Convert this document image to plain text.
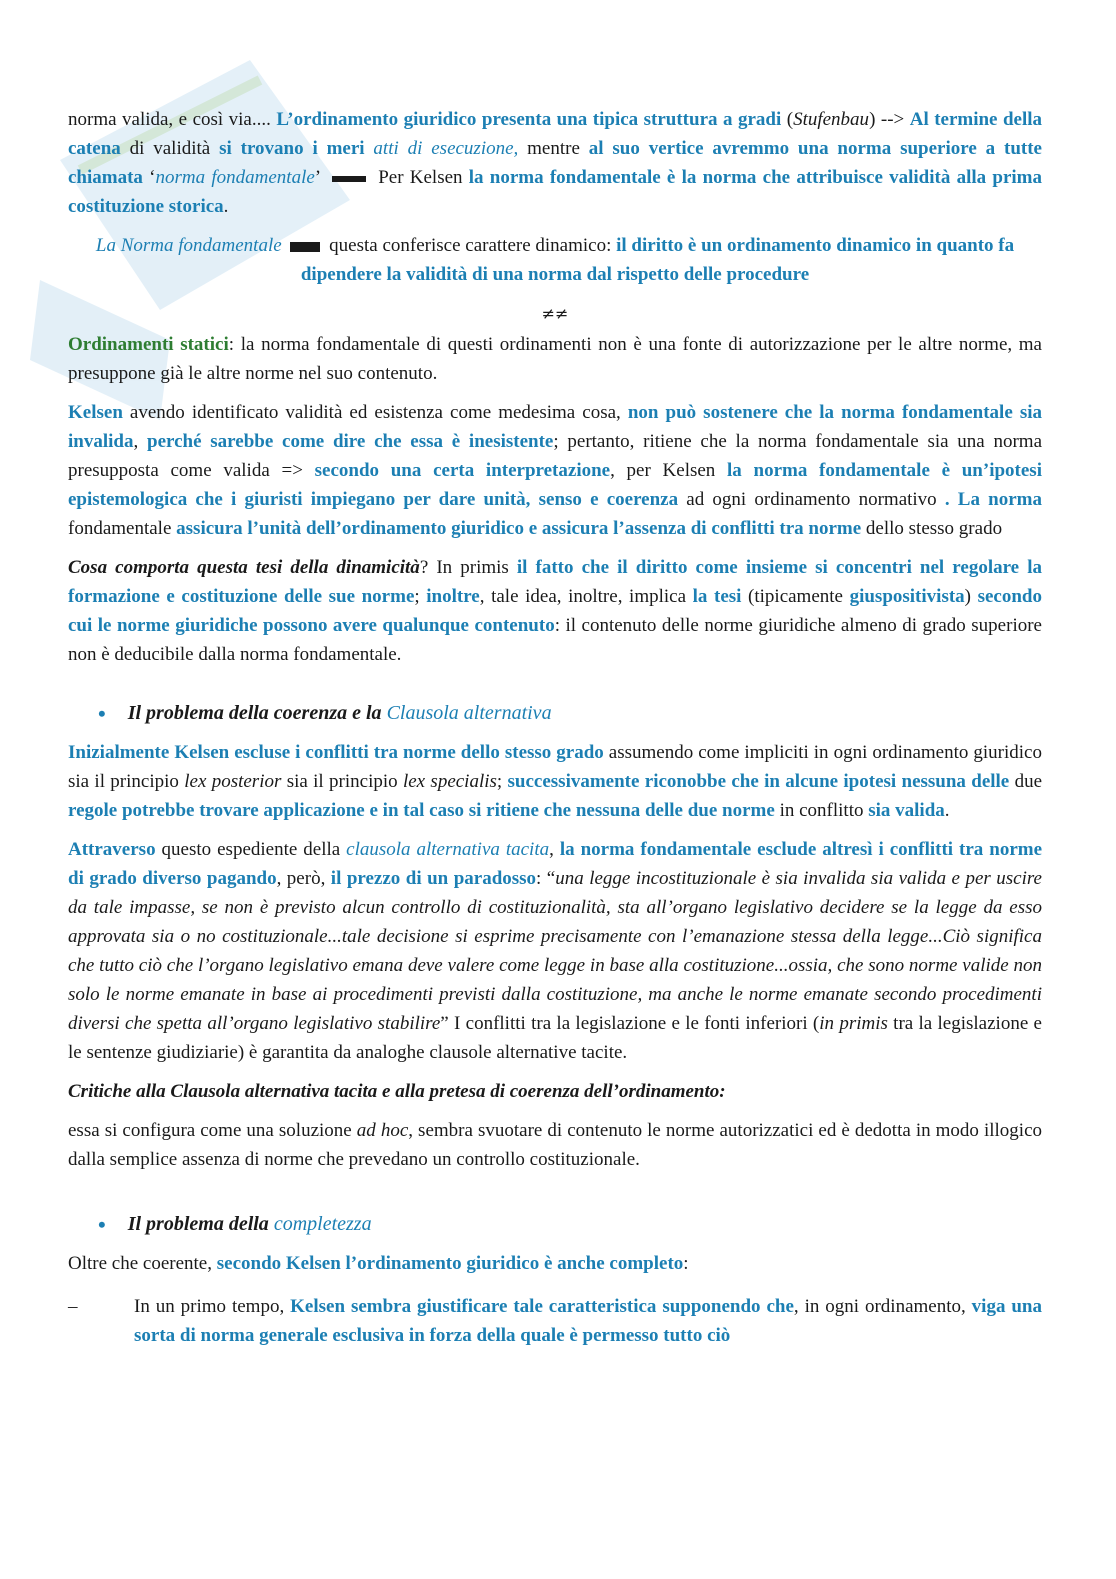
norma valida, e così via.... L’ordinamento giuridico presenta una tipica struttura a gradi (Stufenbau) --> Al termine della catena di validità si trovano i meri atti di esecuzione, mentre al suo vertice avremmo una norma superiore a tutte chiamata ‘norma fondamentale’  Per Kelsen la norma fondamentale è la norma che attribuisce validità alla prima costituzione storica.

La Norma fondamentale  questa conferisce carattere dinamico: il diritto è un ordinamento dinamico in quanto fa dipendere la validità di una norma dal rispetto delle procedure

≠≠

Ordinamenti statici: la norma fondamentale di questi ordinamenti non è una fonte di autorizzazione per le altre norme, ma presuppone già le altre norme nel suo contenuto.

Kelsen avendo identificato validità ed esistenza come medesima cosa, non può sostenere che la norma fondamentale sia invalida, perché sarebbe come dire che essa è inesistente; pertanto, ritiene che la norma fondamentale sia una norma presupposta come valida => secondo una certa interpretazione, per Kelsen la norma fondamentale è un’ipotesi epistemologica che i giuristi impiegano per dare unità, senso e coerenza ad ogni ordinamento normativo . La norma fondamentale assicura l’unità dell’ordinamento giuridico e assicura l’assenza di conflitti tra norme dello stesso grado

Cosa comporta questa tesi della dinamicità? In primis il fatto che il diritto come insieme si concentri nel regolare la formazione e costituzione delle sue norme; inoltre, tale idea, inoltre, implica la tesi (tipicamente giuspositivista) secondo cui le norme giuridiche possono avere qualunque contenuto: il contenuto delle norme giuridiche almeno di grado superiore non è deducibile dalla norma fondamentale.

• Il problema della coerenza e la Clausola alternativa

Inizialmente Kelsen escluse i conflitti tra norme dello stesso grado assumendo come impliciti in ogni ordinamento giuridico sia il principio lex posterior sia il principio lex specialis; successivamente riconobbe che in alcune ipotesi nessuna delle due regole potrebbe trovare applicazione e in tal caso si ritiene che nessuna delle due norme in conflitto sia valida.

Attraverso questo espediente della clausola alternativa tacita, la norma fondamentale esclude altresì i conflitti tra norme di grado diverso pagando, però, il prezzo di un paradosso: “una legge incostituzionale è sia invalida sia valida e per uscire da tale impasse, se non è previsto alcun controllo di costituzionalità, sta all’organo legislativo decidere se la legge da esso approvata sia o no costituzionale...tale decisione si esprime precisamente con l’emanazione stessa della legge...Ciò significa che tutto ciò che l’organo legislativo emana deve valere come legge in base alla costituzione...ossia, che sono norme valide non solo le norme emanate in base ai procedimenti previsti dalla costituzione, ma anche le norme emanate secondo procedimenti diversi che spetta all’organo legislativo stabilire” I conflitti tra la legislazione e le fonti inferiori (in primis tra la legislazione e le sentenze giudiziarie) è garantita da analoghe clausole alternative tacite.

Critiche alla Clausola alternativa tacita e alla pretesa di coerenza dell’ordinamento:

essa si configura come una soluzione ad hoc, sembra svuotare di contenuto le norme autorizzatici ed è dedotta in modo illogico dalla semplice assenza di norme che prevedano un controllo costituzionale.

• Il problema della completezza

Oltre che coerente, secondo Kelsen l’ordinamento giuridico è anche completo:

–	In un primo tempo, Kelsen sembra giustificare tale caratteristica supponendo che, in ogni ordinamento, viga una sorta di norma generale esclusiva in forza della quale è permesso tutto ciò
